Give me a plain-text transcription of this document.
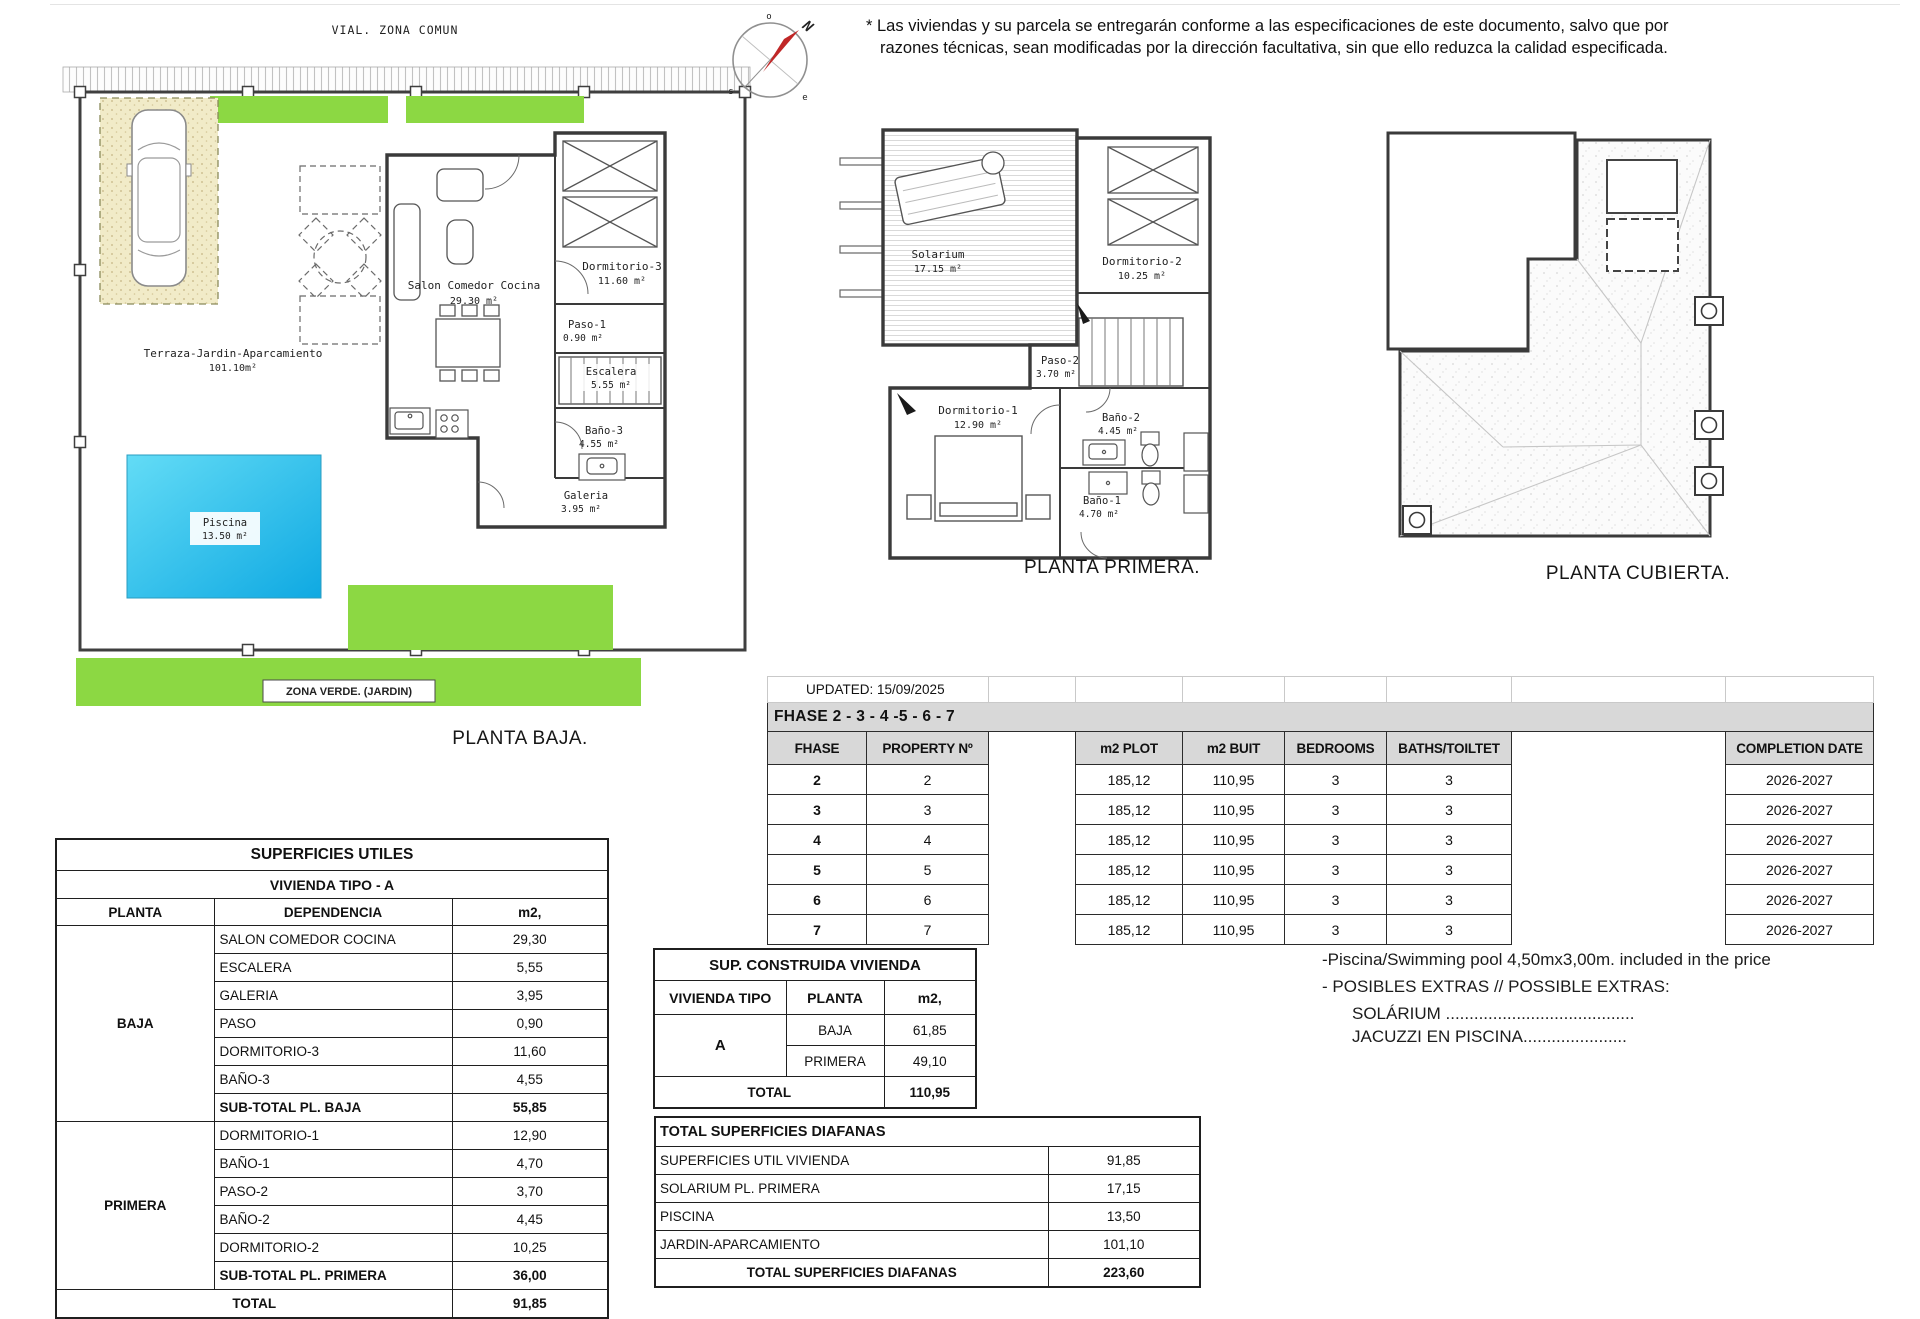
VIAL. ZONA COMUN
Terraza-Jardin-Aparcamiento
101.10m²
Piscina
13.50 m²
Salon Comedor Cocina
29.30 m²
Dormitorio-3
11.60 m²
Paso-1
0.90 m²
Escalera
5.55 m²
Baño-3
4.55 m²
Galeria
3.95 m²
ZONA VERDE. (JARDIN)
PLANTA BAJA.
N
o
s
e
* Las viviendas y su parcela se entregarán conforme a las especificaciones de este documento, salvo que por
razones técnicas, sean modificadas por la dirección facultativa, sin que ello reduzca la calidad especificada.
Solarium
17.15 m²
Dormitorio-2
10.25 m²
Paso-2
3.70 m²
Dormitorio-1
12.90 m²
Baño-2
4.45 m²
Baño-1
4.70 m²
PLANTA PRIMERA.	PLANTA CUBIERTA.
UPDATED: 15/09/2025								
FHASE 2 - 3 - 4 -5 - 6 - 7								
FHASE	PROPERTY Nº		m2 PLOT	m2 BUIT	BEDROOMS	BATHS/TOILTET		COMPLETION DATE
2	2		185,12	110,95	3	3		2026-2027
3	3		185,12	110,95	3	3		2026-2027
4	4		185,12	110,95	3	3		2026-2027
5	5		185,12	110,95	3	3		2026-2027
6	6		185,12	110,95	3	3		2026-2027
7	7		185,12	110,95	3	3		2026-2027
SUPERFICIES UTILES		
VIVIENDA TIPO - A		
PLANTA	DEPENDENCIA	m2,
BAJA	SALON COMEDOR COCINA	29,30
	ESCALERA	5,55
	GALERIA	3,95
	PASO	0,90
	DORMITORIO-3	11,60
	BAÑO-3	4,55
	SUB-TOTAL PL. BAJA	55,85
PRIMERA	DORMITORIO-1	12,90
	BAÑO-1	4,70
	PASO-2	3,70
	BAÑO-2	4,45
	DORMITORIO-2	10,25
	SUB-TOTAL PL. PRIMERA	36,00
TOTAL		91,85
SUP. CONSTRUIDA VIVIENDA		
VIVIENDA TIPO	PLANTA	m2,
A	BAJA	61,85
	PRIMERA	49,10
TOTAL		110,95
TOTAL SUPERFICIES DIAFANAS	
SUPERFICIES UTIL VIVIENDA	91,85
SOLARIUM PL. PRIMERA	17,15
PISCINA	13,50
JARDIN-APARCAMIENTO	101,10
TOTAL SUPERFICIES DIAFANAS	223,60
-Piscina/Swimming pool 4,50mx3,00m. included in the price
- POSIBLES EXTRAS // POSSIBLE EXTRAS:
SOLÁRIUM ........................................
JACUZZI EN PISCINA......................
